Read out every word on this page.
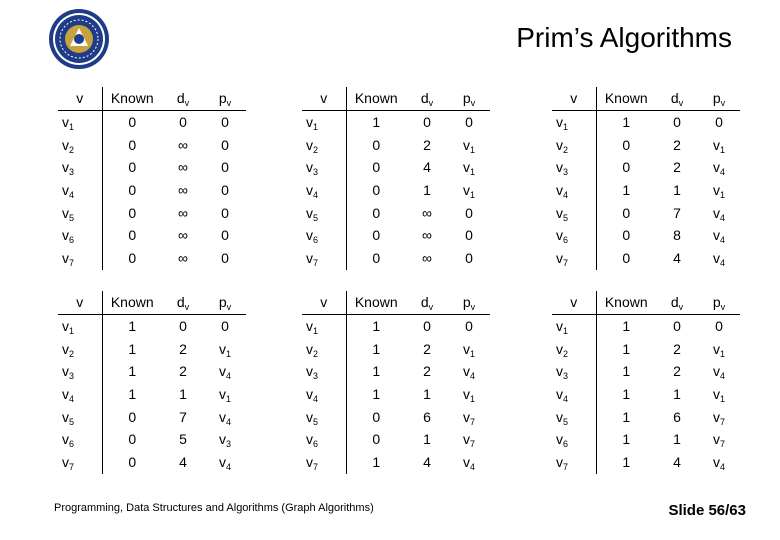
Prim’s Algorithms
v	Known	$d_v$	$p_v$
$v_1$	0	0	0
$v_2$	0	∞	0
$v_3$	0	∞	0
$v_4$	0	∞	0
$v_5$	0	∞	0
$v_6$	0	∞	0
$v_7$	0	∞	0
v	Known	$d_v$	$p_v$
$v_1$	1	0	0
$v_2$	0	2	$v_1$
$v_3$	0	4	$v_1$
$v_4$	0	1	$v_1$
$v_5$	0	∞	0
$v_6$	0	∞	0
$v_7$	0	∞	0
v	Known	$d_v$	$p_v$
$v_1$	1	0	0
$v_2$	0	2	$v_1$
$v_3$	0	2	$v_4$
$v_4$	1	1	$v_1$
$v_5$	0	7	$v_4$
$v_6$	0	8	$v_4$
$v_7$	0	4	$v_4$
v	Known	$d_v$	$p_v$
$v_1$	1	0	0
$v_2$	1	2	$v_1$
$v_3$	1	2	$v_4$
$v_4$	1	1	$v_1$
$v_5$	0	7	$v_4$
$v_6$	0	5	$v_3$
$v_7$	0	4	$v_4$
v	Known	$d_v$	$p_v$
$v_1$	1	0	0
$v_2$	1	2	$v_1$
$v_3$	1	2	$v_4$
$v_4$	1	1	$v_1$
$v_5$	0	6	$v_7$
$v_6$	0	1	$v_7$
$v_7$	1	4	$v_4$
v	Known	$d_v$	$p_v$
$v_1$	1	0	0
$v_2$	1	2	$v_1$
$v_3$	1	2	$v_4$
$v_4$	1	1	$v_1$
$v_5$	1	6	$v_7$
$v_6$	1	1	$v_7$
$v_7$	1	4	$v_4$
Programming, Data Structures and Algorithms (Graph Algorithms)	Slide 56/63
